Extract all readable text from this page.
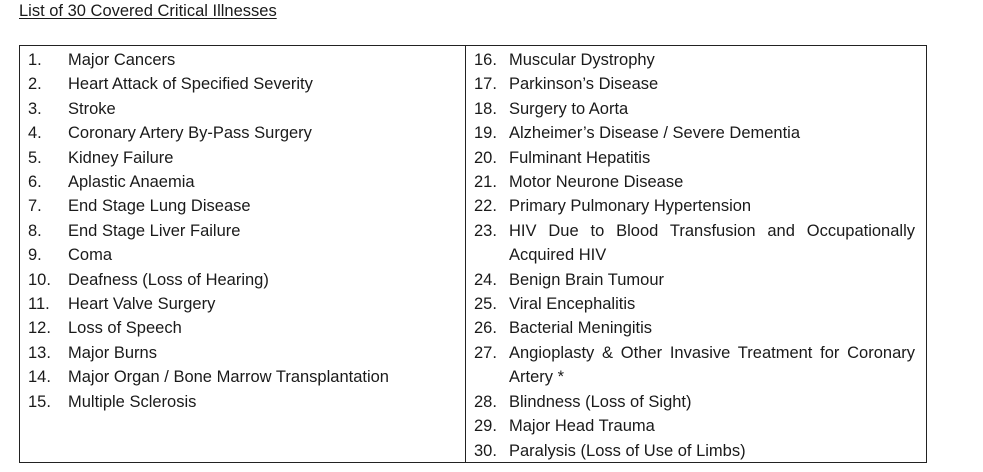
List of 30 Covered Critical Illnesses
1.	Major Cancers
2.	Heart Attack of Specified Severity
3.	Stroke
4.	Coronary Artery By-Pass Surgery
5.	Kidney Failure
6.	Aplastic Anaemia
7.	End Stage Lung Disease
8.	End Stage Liver Failure
9.	Coma
10.	Deafness (Loss of Hearing)
11.	Heart Valve Surgery
12.	Loss of Speech
13.	Major Burns
14.	Major Organ / Bone Marrow Transplantation
15.	Multiple Sclerosis
16. Muscular Dystrophy
17. Parkinson’s Disease
18. Surgery to Aorta
19. Alzheimer’s Disease / Severe Dementia
20. Fulminant Hepatitis
21. Motor Neurone Disease
22. Primary Pulmonary Hypertension
23. HIV Due to Blood Transfusion and Occupationally Acquired HIV
24. Benign Brain Tumour
25. Viral Encephalitis
26. Bacterial Meningitis
27. Angioplasty & Other Invasive Treatment for Coronary Artery *
28. Blindness (Loss of Sight)
29. Major Head Trauma
30. Paralysis (Loss of Use of Limbs)
